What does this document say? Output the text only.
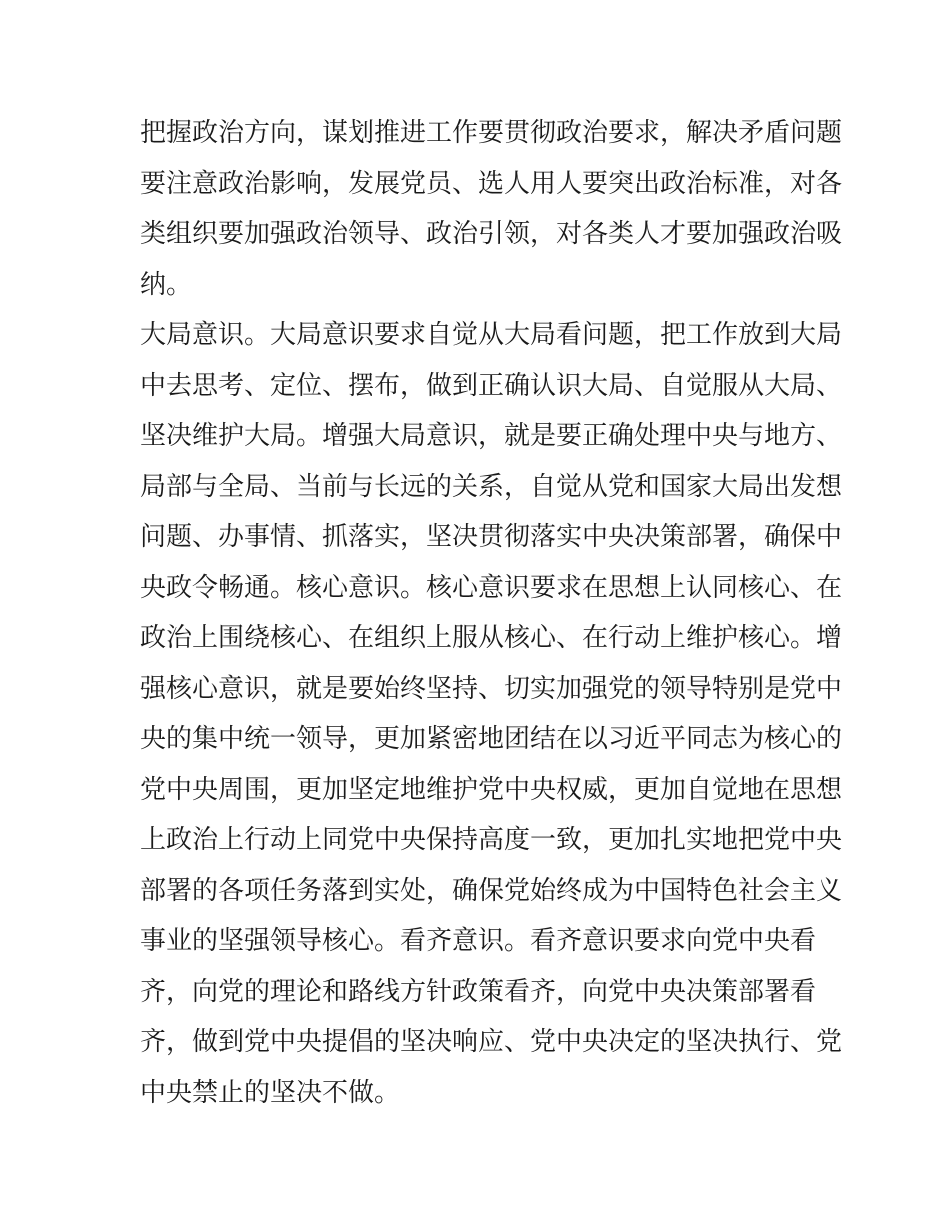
把握政治方向，谋划推进工作要贯彻政治要求，解决矛盾问题
要注意政治影响，发展党员、选人用人要突出政治标准，对各
类组织要加强政治领导、政治引领，对各类人才要加强政治吸
纳。
大局意识。大局意识要求自觉从大局看问题，把工作放到大局
中去思考、定位、摆布，做到正确认识大局、自觉服从大局、
坚决维护大局。增强大局意识，就是要正确处理中央与地方、
局部与全局、当前与长远的关系，自觉从党和国家大局出发想
问题、办事情、抓落实，坚决贯彻落实中央决策部署，确保中
央政令畅通。核心意识。核心意识要求在思想上认同核心、在
政治上围绕核心、在组织上服从核心、在行动上维护核心。增
强核心意识，就是要始终坚持、切实加强党的领导特别是党中
央的集中统一领导，更加紧密地团结在以习近平同志为核心的
党中央周围，更加坚定地维护党中央权威，更加自觉地在思想
上政治上行动上同党中央保持高度一致，更加扎实地把党中央
部署的各项任务落到实处，确保党始终成为中国特色社会主义
事业的坚强领导核心。看齐意识。看齐意识要求向党中央看
齐，向党的理论和路线方针政策看齐，向党中央决策部署看
齐，做到党中央提倡的坚决响应、党中央决定的坚决执行、党
中央禁止的坚决不做。
